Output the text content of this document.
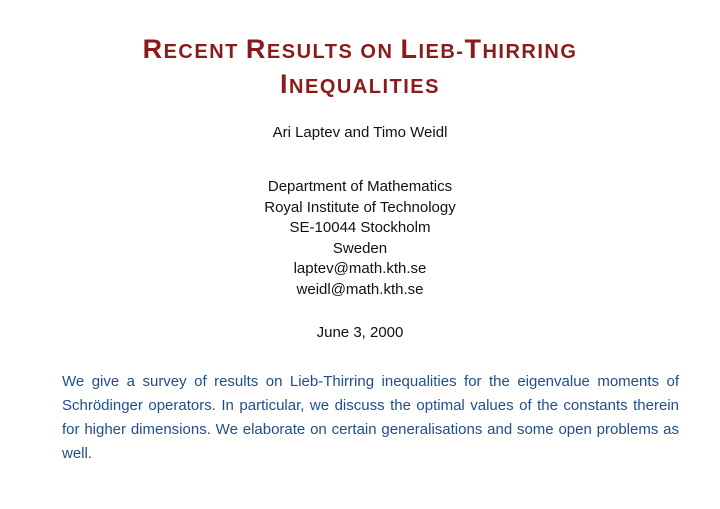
RECENT RESULTS ON LIEB-THIRRING
INEQUALITIES
Ari Laptev and Timo Weidl
Department of Mathematics
Royal Institute of Technology
SE-10044 Stockholm
Sweden
laptev@math.kth.se
weidl@math.kth.se
June 3, 2000

We give a survey of results on Lieb-Thirring inequalities for the eigenvalue moments of Schrödinger operators. In particular, we discuss the optimal values of the constants therein for higher dimensions. We elaborate on certain generalisations and some open problems as well.
